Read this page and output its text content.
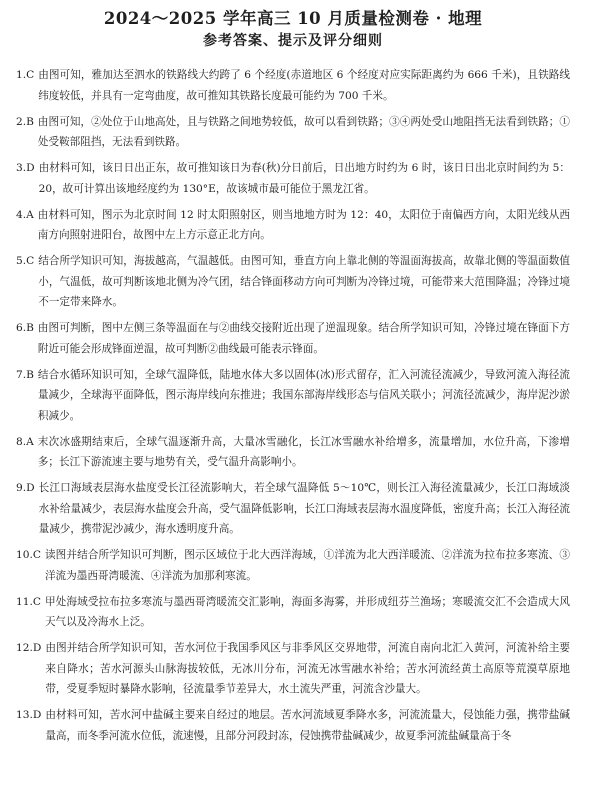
2024～2025 学年高三 10 月质量检测卷 · 地理
参考答案、提示及评分细则
1.C 由图可知，雅加达至泗水的铁路线大约跨了 6 个经度(赤道地区 6 个经度对应实际距离约为 666 千米)，且铁路线纬度较低，并具有一定弯曲度，故可推知其铁路长度最可能约为 700 千米。
2.B 由图可知，②处位于山地高处，且与铁路之间地势较低，故可以看到铁路；③④两处受山地阻挡无法看到铁路；①处受鞍部阻挡，无法看到铁路。
3.D 由材料可知，该日日出正东，故可推知该日为春(秋)分日前后，日出地方时约为 6 时，该日日出北京时间约为 5：20，故可计算出该地经度约为 130°E，故该城市最可能位于黑龙江省。
4.A 由材料可知，图示为北京时间 12 时太阳照射区，则当地地方时为 12：40，太阳位于南偏西方向，太阳光线从西南方向照射进阳台，故图中左上方示意正北方向。
5.C 结合所学知识可知，海拔越高，气温越低。由图可知，垂直方向上靠北侧的等温面海拔高，故靠北侧的等温面数值小，气温低，故可判断该地北侧为冷气团，结合锋面移动方向可判断为冷锋过境，可能带来大范围降温；冷锋过境不一定带来降水。
6.B 由图可判断，图中左侧三条等温面在与②曲线交接附近出现了逆温现象。结合所学知识可知，冷锋过境在锋面下方附近可能会形成锋面逆温，故可判断②曲线最可能表示锋面。
7.B 结合水循环知识可知，全球气温降低，陆地水体大多以固体(冰)形式留存，汇入河流径流减少，导致河流入海径流量减少，全球海平面降低，图示海岸线向东推进；我国东部海岸线形态与信风关联小；河流径流减少，海岸泥沙淤积减少。
8.A 末次冰盛期结束后，全球气温逐渐升高，大量冰雪融化，长江冰雪融水补给增多，流量增加，水位升高，下渗增多；长江下游流速主要与地势有关，受气温升高影响小。
9.D 长江口海域表层海水盐度受长江径流影响大，若全球气温降低 5～10℃，则长江入海径流量减少，长江口海域淡水补给量减少，表层海水盐度会升高，受气温降低影响，长江口海域表层海水温度降低，密度升高；长江入海径流量减少，携带泥沙减少，海水透明度升高。
10.C 读图并结合所学知识可判断，图示区域位于北大西洋海域，①洋流为北大西洋暖流、②洋流为拉布拉多寒流、③洋流为墨西哥湾暖流、④洋流为加那利寒流。
11.C 甲处海域受拉布拉多寒流与墨西哥湾暖流交汇影响，海面多海雾，并形成纽芬兰渔场；寒暖流交汇不会造成大风天气以及冷海水上泛。
12.D 由图并结合所学知识可知，苦水河位于我国季风区与非季风区交界地带，河流自南向北汇入黄河，河流补给主要来自降水；苦水河源头山脉海拔较低，无冰川分布，河流无冰雪融水补给；苦水河流经黄土高原等荒漠草原地带，受夏季短时暴降水影响，径流量季节差异大，水土流失严重，河流含沙量大。
13.D 由材料可知，苦水河中盐碱主要来自经过的地层。苦水河流域夏季降水多，河流流量大，侵蚀能力强，携带盐碱量高，而冬季河流水位低，流速慢，且部分河段封冻，侵蚀携带盐碱减少，故夏季河流盐碱量高于冬
